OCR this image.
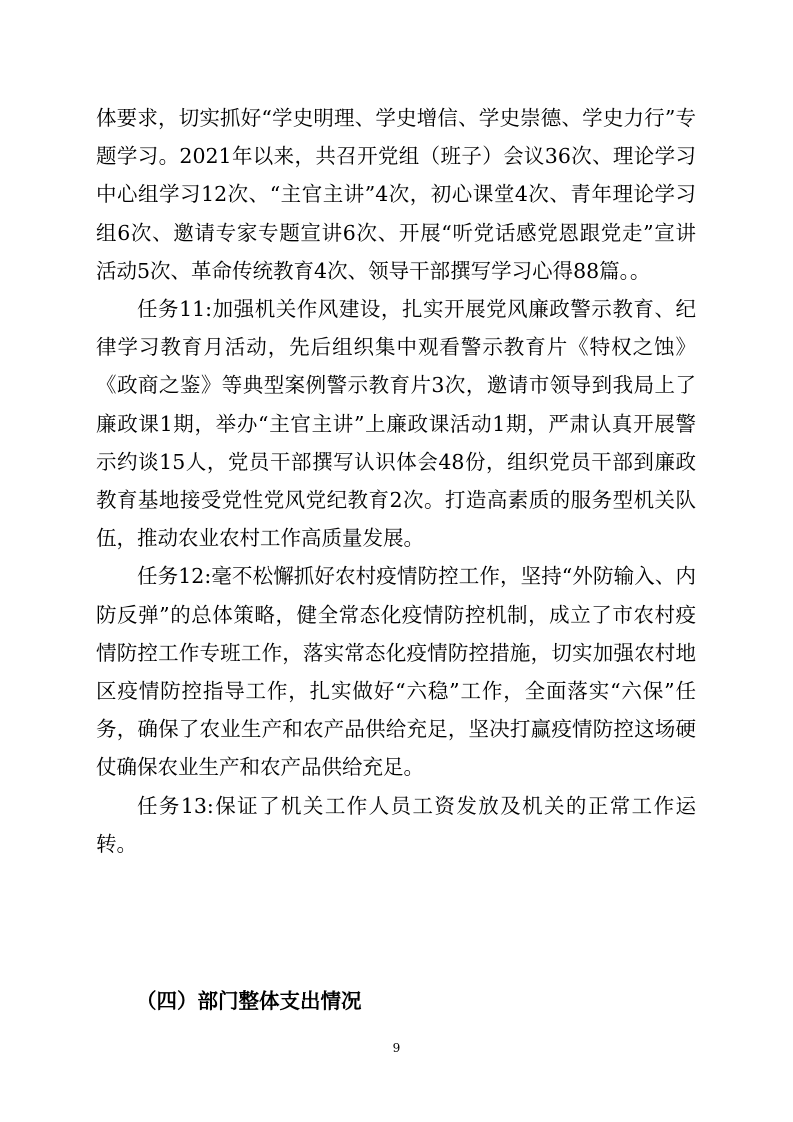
体要求，切实抓好“学史明理、学史增信、学史崇德、学史力行”专题学习。2021年以来，共召开党组（班子）会议36次、理论学习中心组学习12次、“主官主讲”4次，初心课堂4次、青年理论学习组6次、邀请专家专题宣讲6次、开展“听党话感党恩跟党走”宣讲活动5次、革命传统教育4次、领导干部撰写学习心得88篇。。

任务11:加强机关作风建设，扎实开展党风廉政警示教育、纪律学习教育月活动，先后组织集中观看警示教育片《特权之蚀》《政商之鉴》等典型案例警示教育片3次，邀请市领导到我局上了廉政课1期，举办“主官主讲”上廉政课活动1期，严肃认真开展警示约谈15人，党员干部撰写认识体会48份，组织党员干部到廉政教育基地接受党性党风党纪教育2次。打造高素质的服务型机关队伍，推动农业农村工作高质量发展。

任务12:毫不松懈抓好农村疫情防控工作，坚持“外防输入、内防反弹”的总体策略，健全常态化疫情防控机制，成立了市农村疫情防控工作专班工作，落实常态化疫情防控措施，切实加强农村地区疫情防控指导工作，扎实做好“六稳”工作，全面落实“六保”任务，确保了农业生产和农产品供给充足，坚决打赢疫情防控这场硬仗确保农业生产和农产品供给充足。

任务13:保证了机关工作人员工资发放及机关的正常工作运转。

（四）部门整体支出情况
9
